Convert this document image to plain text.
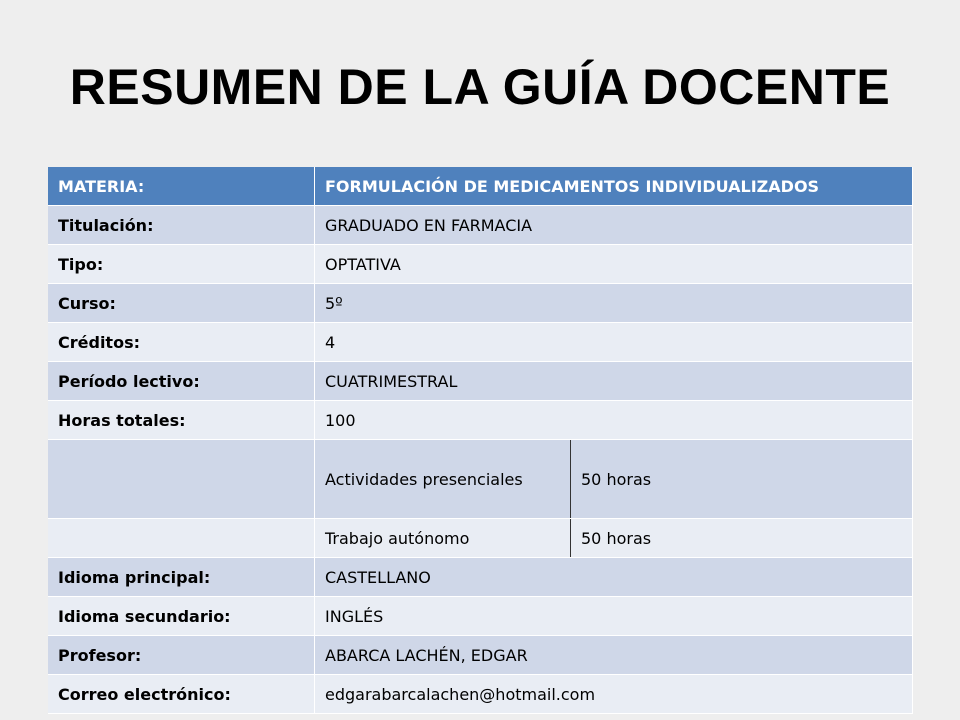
RESUMEN DE LA GUÍA DOCENTE
MATERIA:	FORMULACIÓN DE MEDICAMENTOS INDIVIDUALIZADOS	
Titulación:	GRADUADO EN FARMACIA	
Tipo:	OPTATIVA	
Curso:	5º	
Créditos:	4	
Período lectivo:	CUATRIMESTRAL	
Horas totales:	100	
	Actividades presenciales	50 horas
	Trabajo autónomo	50 horas
Idioma principal:	CASTELLANO	
Idioma secundario:	INGLÉS	
Profesor:	ABARCA LACHÉN, EDGAR	
Correo electrónico:	edgarabarcalachen@hotmail.com	
